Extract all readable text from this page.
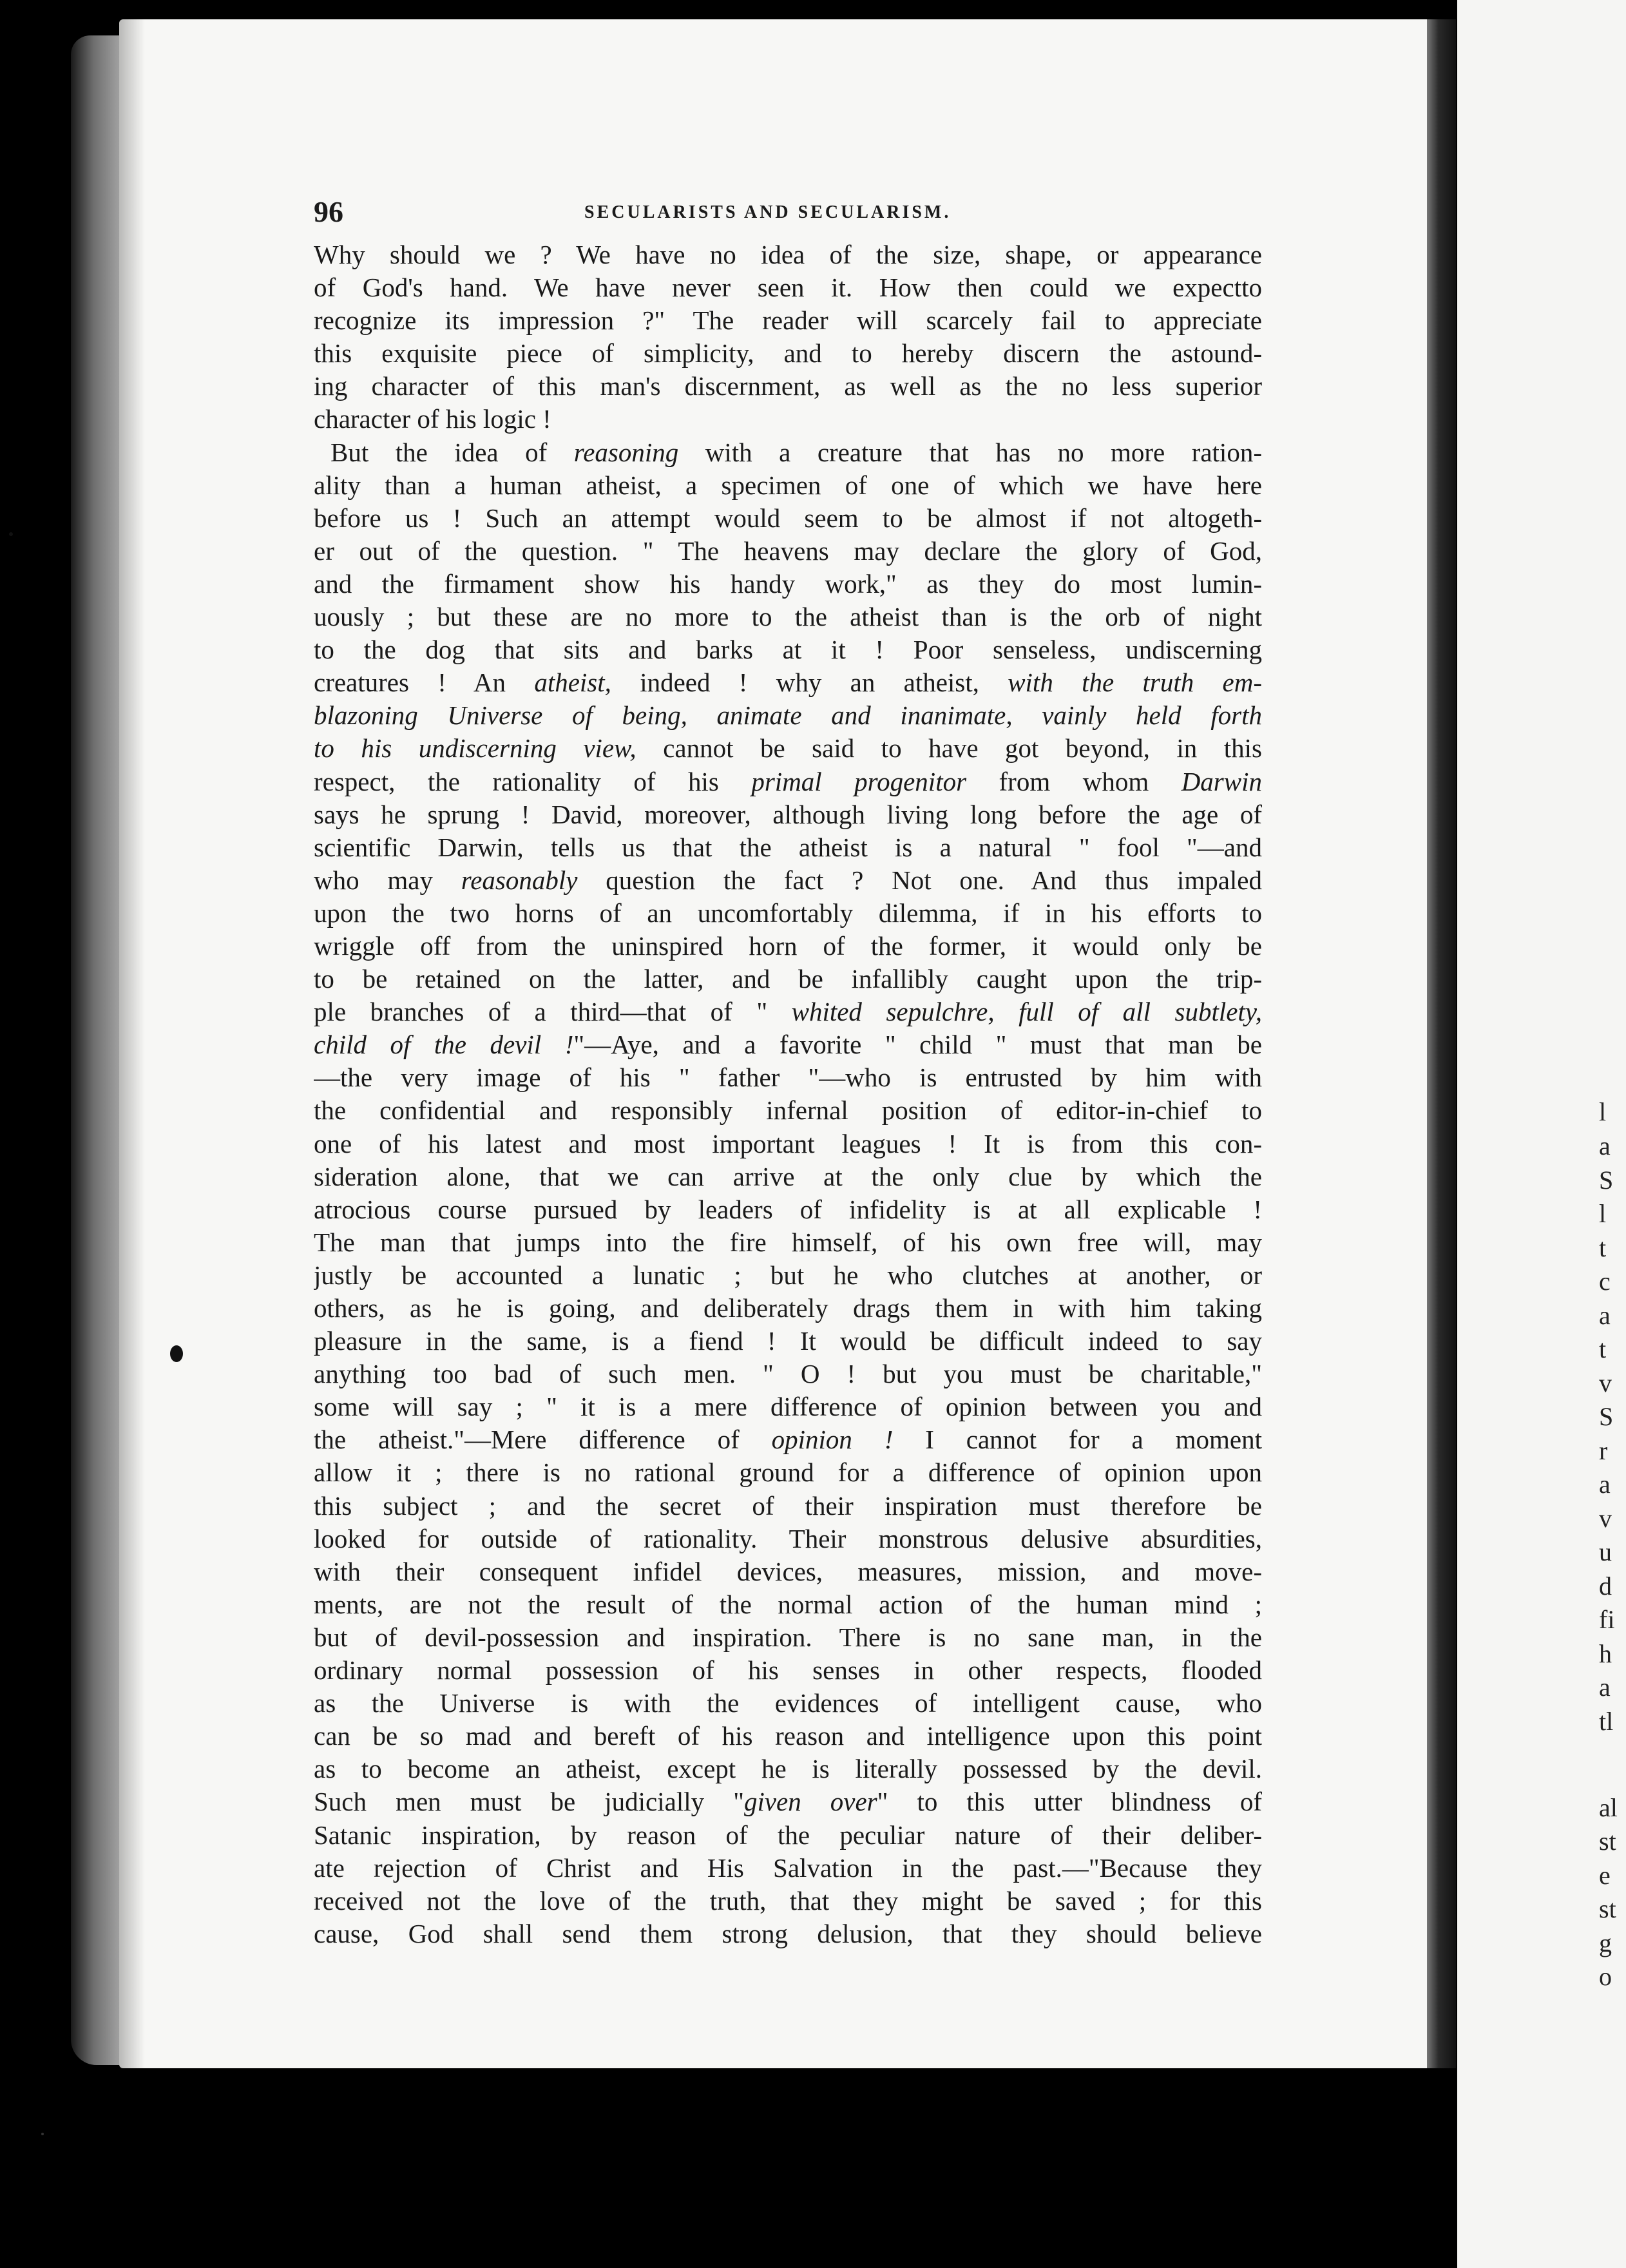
96	SECULARISTS AND SECULARISM.
Why should we ? We have no idea of the size, shape, or appearance
of God's hand. We have never seen it. How then could we expectto
recognize its impression ?" The reader will scarcely fail to appreciate
this exquisite piece of simplicity, and to hereby discern the astound-
ing character of this man's discernment, as well as the no less superior
character of his logic !
But the idea of reasoning with a creature that has no more ration-
ality than a human atheist, a specimen of one of which we have here
before us ! Such an attempt would seem to be almost if not altogeth-
er out of the question. " The heavens may declare the glory of God,
and the firmament show his handy work," as they do most lumin-
uously ; but these are no more to the atheist than is the orb of night
to the dog that sits and barks at it ! Poor senseless, undiscerning
creatures ! An atheist, indeed ! why an atheist, with the truth em-
blazoning Universe of being, animate and inanimate, vainly held forth
to his undiscerning view, cannot be said to have got beyond, in this
respect, the rationality of his primal progenitor from whom Darwin
says he sprung ! David, moreover, although living long before the age of
scientific Darwin, tells us that the atheist is a natural " fool "—and
who may reasonably question the fact ? Not one. And thus impaled
upon the two horns of an uncomfortably dilemma, if in his efforts to
wriggle off from the uninspired horn of the former, it would only be
to be retained on the latter, and be infallibly caught upon the trip-
ple branches of a third—that of " whited sepulchre, full of all subtlety,
child of the devil !"—Aye, and a favorite " child " must that man be
—the very image of his " father "—who is entrusted by him with
the confidential and responsibly infernal position of editor-in-chief to
one of his latest and most important leagues ! It is from this con-
sideration alone, that we can arrive at the only clue by which the
atrocious course pursued by leaders of infidelity is at all explicable !
The man that jumps into the fire himself, of his own free will, may
justly be accounted a lunatic ; but he who clutches at another, or
others, as he is going, and deliberately drags them in with him taking
pleasure in the same, is a fiend ! It would be difficult indeed to say
anything too bad of such men. " O ! but you must be charitable,"
some will say ; " it is a mere difference of opinion between you and
the atheist."—Mere difference of opinion ! I cannot for a moment
allow it ; there is no rational ground for a difference of opinion upon
this subject ; and the secret of their inspiration must therefore be
looked for outside of rationality. Their monstrous delusive absurdities,
with their consequent infidel devices, measures, mission, and move-
ments, are not the result of the normal action of the human mind ;
but of devil-possession and inspiration. There is no sane man, in the
ordinary normal possession of his senses in other respects, flooded
as the Universe is with the evidences of intelligent cause, who
can be so mad and bereft of his reason and intelligence upon this point
as to become an atheist, except he is literally possessed by the devil.
Such men must be judicially "given over" to this utter blindness of
Satanic inspiration, by reason of the peculiar nature of their deliber-
ate rejection of Christ and His Salvation in the past.—"Because they
received not the love of the truth, that they might be saved ; for this
cause, God shall send them strong delusion, that they should believe
l
a
S
l
t
c
a
t
v
S
r
a
v
u
d
fi
h
a
tl
al
st
e
st
g
o
